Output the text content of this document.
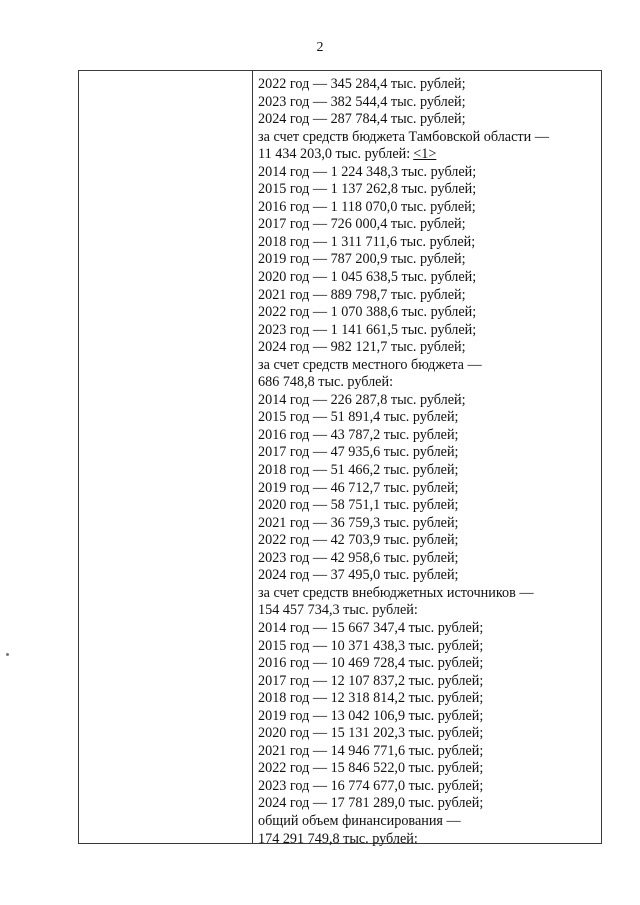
2
2022 год — 345 284,4 тыс. рублей;
2023 год — 382 544,4 тыс. рублей;
2024 год — 287 784,4 тыс. рублей;
за счет средств бюджета Тамбовской области —
11 434 203,0 тыс. рублей: <1>
2014 год — 1 224 348,3 тыс. рублей;
2015 год — 1 137 262,8 тыс. рублей;
2016 год — 1 118 070,0 тыс. рублей;
2017 год — 726 000,4 тыс. рублей;
2018 год — 1 311 711,6 тыс. рублей;
2019 год — 787 200,9 тыс. рублей;
2020 год — 1 045 638,5 тыс. рублей;
2021 год — 889 798,7 тыс. рублей;
2022 год — 1 070 388,6 тыс. рублей;
2023 год — 1 141 661,5 тыс. рублей;
2024 год — 982 121,7 тыс. рублей;
за счет средств местного бюджета —
686 748,8 тыс. рублей:
2014 год — 226 287,8 тыс. рублей;
2015 год — 51 891,4 тыс. рублей;
2016 год — 43 787,2 тыс. рублей;
2017 год — 47 935,6 тыс. рублей;
2018 год — 51 466,2 тыс. рублей;
2019 год — 46 712,7 тыс. рублей;
2020 год — 58 751,1 тыс. рублей;
2021 год — 36 759,3 тыс. рублей;
2022 год — 42 703,9 тыс. рублей;
2023 год — 42 958,6 тыс. рублей;
2024 год — 37 495,0 тыс. рублей;
за счет средств внебюджетных источников —
154 457 734,3 тыс. рублей:
2014 год — 15 667 347,4 тыс. рублей;
2015 год — 10 371 438,3 тыс. рублей;
2016 год — 10 469 728,4 тыс. рублей;
2017 год — 12 107 837,2 тыс. рублей;
2018 год — 12 318 814,2 тыс. рублей;
2019 год — 13 042 106,9 тыс. рублей;
2020 год — 15 131 202,3 тыс. рублей;
2021 год — 14 946 771,6 тыс. рублей;
2022 год — 15 846 522,0 тыс. рублей;
2023 год — 16 774 677,0 тыс. рублей;
2024 год — 17 781 289,0 тыс. рублей;
общий объем финансирования —
174 291 749,8 тыс. рублей:
